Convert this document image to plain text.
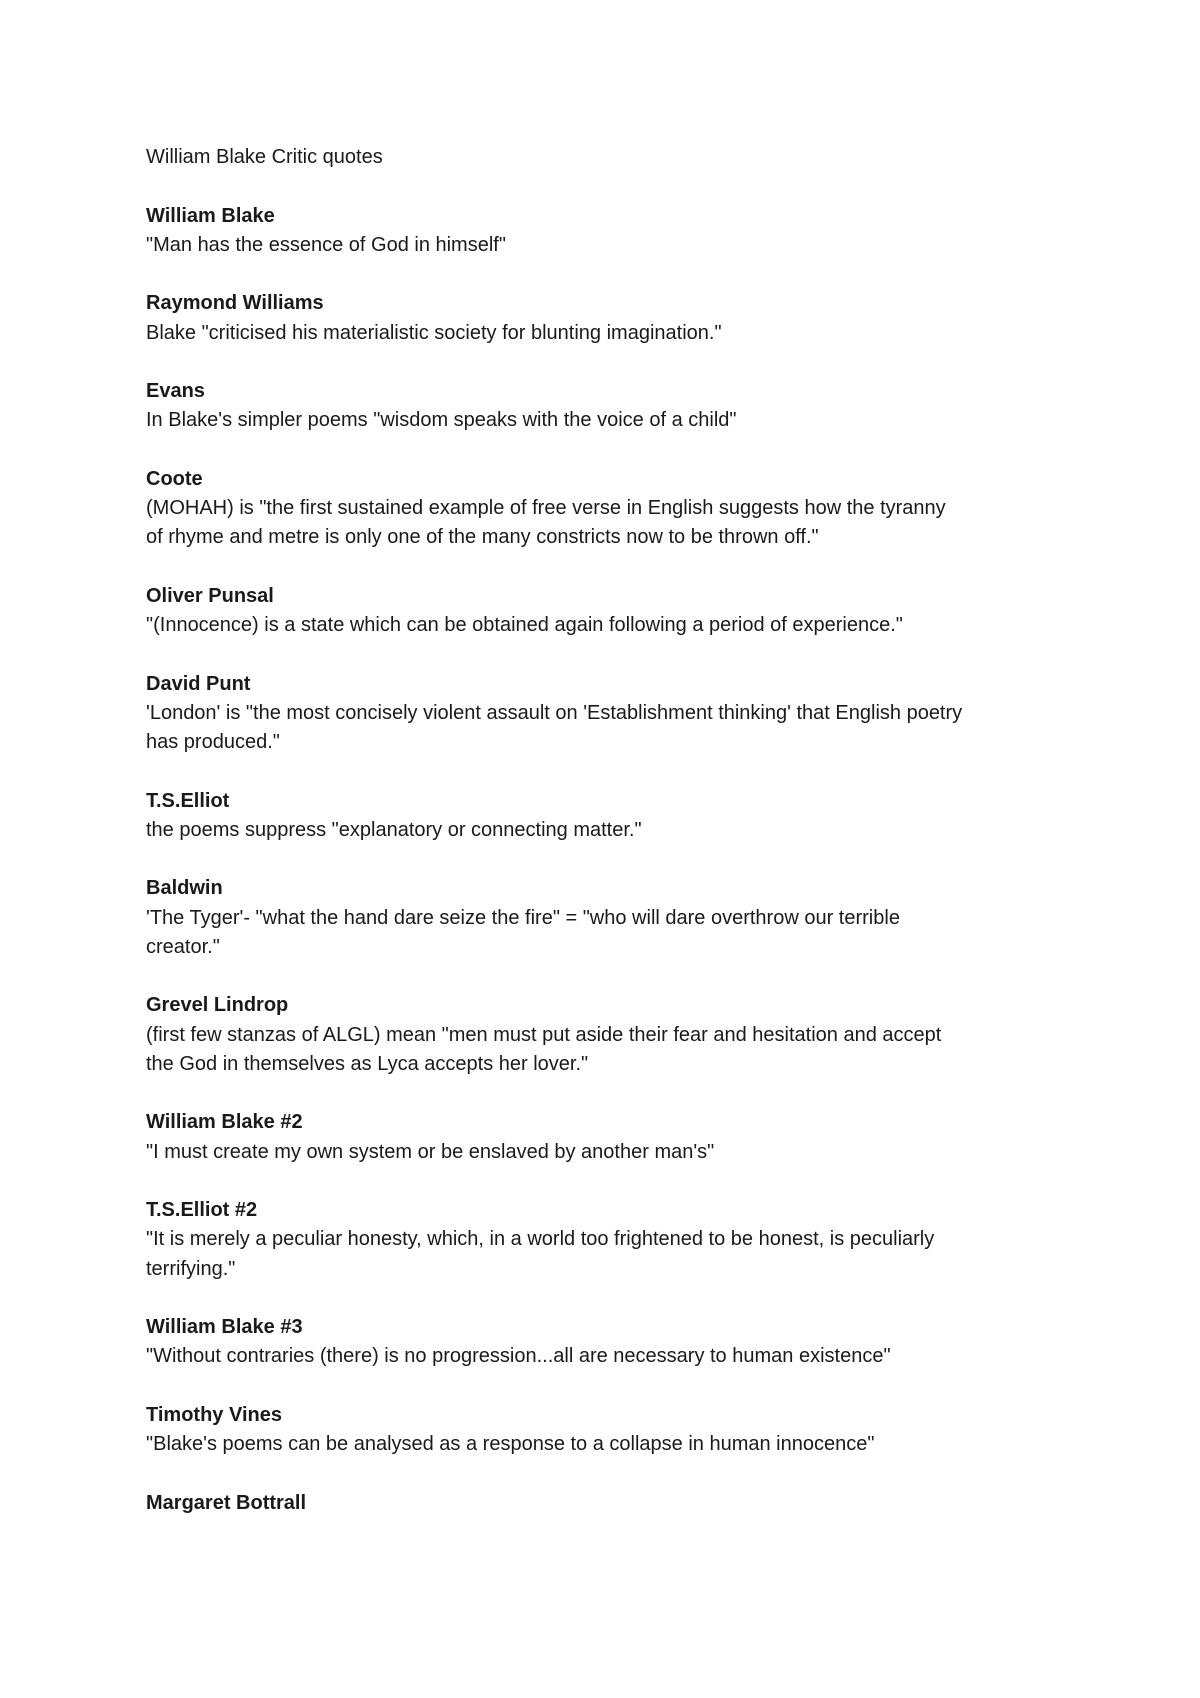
William Blake Critic quotes
William Blake
"Man has the essence of God in himself"
Raymond Williams
Blake "criticised his materialistic society for blunting imagination."
Evans
In Blake's simpler poems "wisdom speaks with the voice of a child"
Coote
(MOHAH) is "the first sustained example of free verse in English suggests how the tyranny
of rhyme and metre is only one of the many constricts now to be thrown off."
Oliver Punsal
"(Innocence) is a state which can be obtained again following a period of experience."
David Punt
'London' is "the most concisely violent assault on 'Establishment thinking' that English poetry
has produced."
T.S.Elliot
the poems suppress "explanatory or connecting matter."
Baldwin
'The Tyger'- "what the hand dare seize the fire" = "who will dare overthrow our terrible
creator."
Grevel Lindrop
(first few stanzas of ALGL) mean "men must put aside their fear and hesitation and accept
the God in themselves as Lyca accepts her lover."
William Blake #2
"I must create my own system or be enslaved by another man's"
T.S.Elliot #2
"It is merely a peculiar honesty, which, in a world too frightened to be honest, is peculiarly
terrifying."
William Blake #3
"Without contraries (there) is no progression...all are necessary to human existence"
Timothy Vines
"Blake's poems can be analysed as a response to a collapse in human innocence"
Margaret Bottrall
